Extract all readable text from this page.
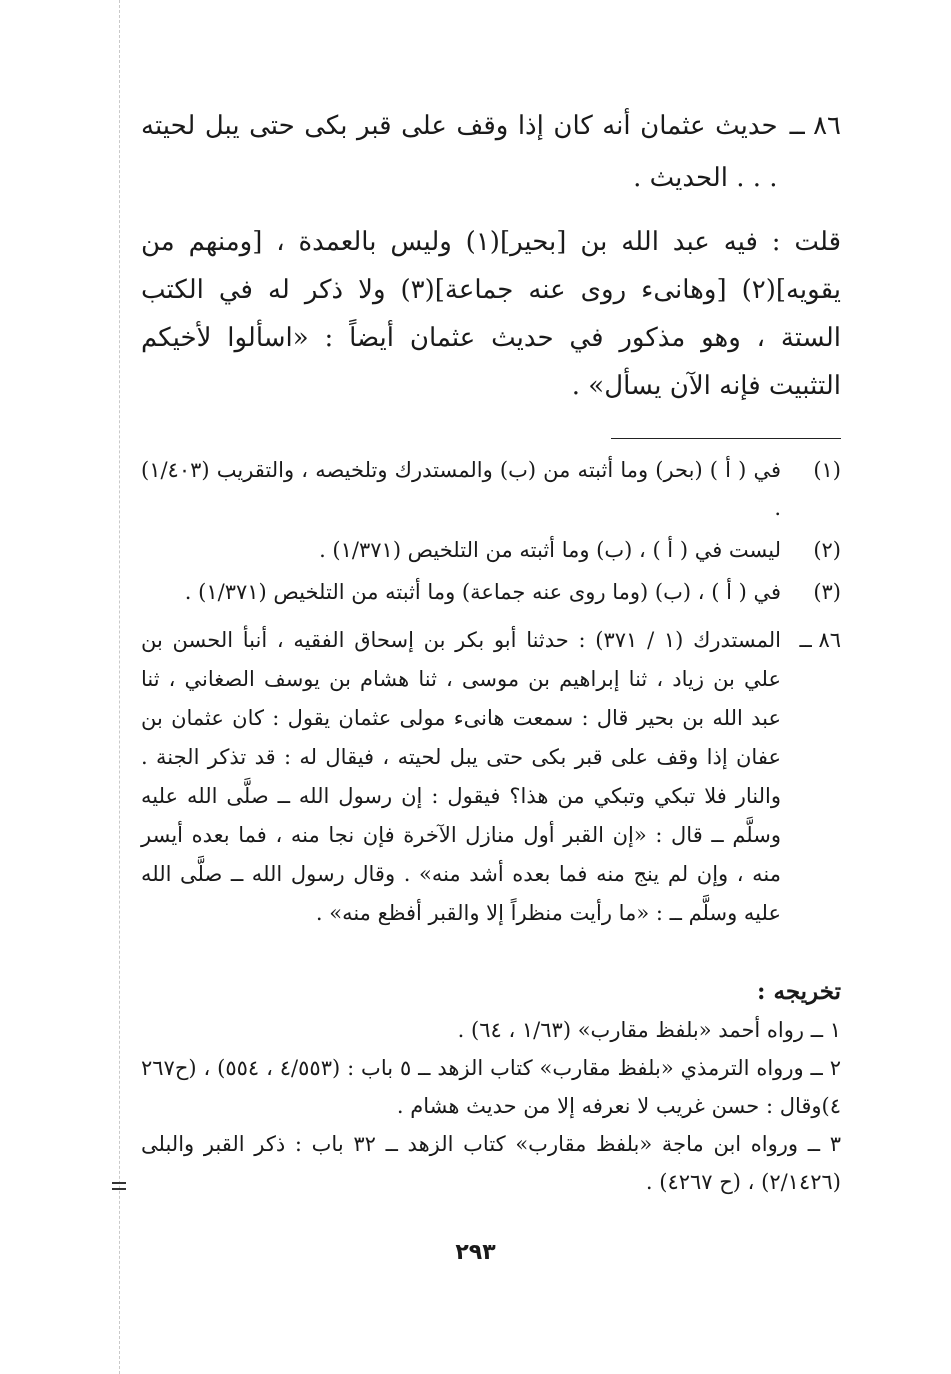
٨٦ ــ
حديث عثمان أنه كان إذا وقف على قبر بكى حتى يبل لحيته . . . الحديث .
قلت : فيه عبد الله بن [بحير](١) وليس بالعمدة ، [ومنهم من يقويه](٢) [وهانىء روى عنه جماعة](٣) ولا ذكر له في الكتب الستة ، وهو مذكور في حديث عثمان أيضاً : «اسألوا لأخيكم التثبيت فإنه الآن يسأل» .
(١)
في ( أ ) (بحر) وما أثبته من (ب) والمستدرك وتلخيصه ، والتقريب (١/٤٠٣) .
(٢)
ليست في ( أ ) ، (ب) وما أثبته من التلخيص (١/٣٧١) .
(٣)
في ( أ ) ، (ب) (وما روى عنه جماعة) وما أثبته من التلخيص (١/٣٧١) .
٨٦ ــ
المستدرك (١ / ٣٧١) : حدثنا أبو بكر بن إسحاق الفقيه ، أنبأ الحسن بن علي بن زياد ، ثنا إبراهيم بن موسى ، ثنا هشام بن يوسف الصغاني ، ثنا عبد الله بن بحير قال : سمعت هانىء مولى عثمان يقول : كان عثمان بن عفان إذا وقف على قبر بكى حتى يبل لحيته ، فيقال له : قد تذكر الجنة . والنار فلا تبكي وتبكي من هذا؟ فيقول : إن رسول الله ــ صلَّى الله عليه وسلَّم ــ قال : «إن القبر أول منازل الآخرة فإن نجا منه ، فما بعده أيسر منه ، وإن لم ينج منه فما بعده أشد منه» . وقال رسول الله ــ صلَّى الله عليه وسلَّم ــ : «ما رأيت منظراً إلا والقبر أفظع منه» .
تخريجه :
١ ــ رواه أحمد «بلفظ مقارب» (١/٦٣ ، ٦٤) .
٢ ــ ورواه الترمذي «بلفظ مقارب» كتاب الزهد ــ ٥ باب : (٤/٥٥٣ ، ٥٥٤) ، (ح٢٦٧ ٤)وقال : حسن غريب لا نعرفه إلا من حديث هشام .
٣ ــ ورواه ابن ماجة «بلفظ مقارب» كتاب الزهد ــ ٣٢ باب : ذكر القبر والبلى (٢/١٤٢٦) ، (ح ٤٢٦٧) .
٢٩٣
